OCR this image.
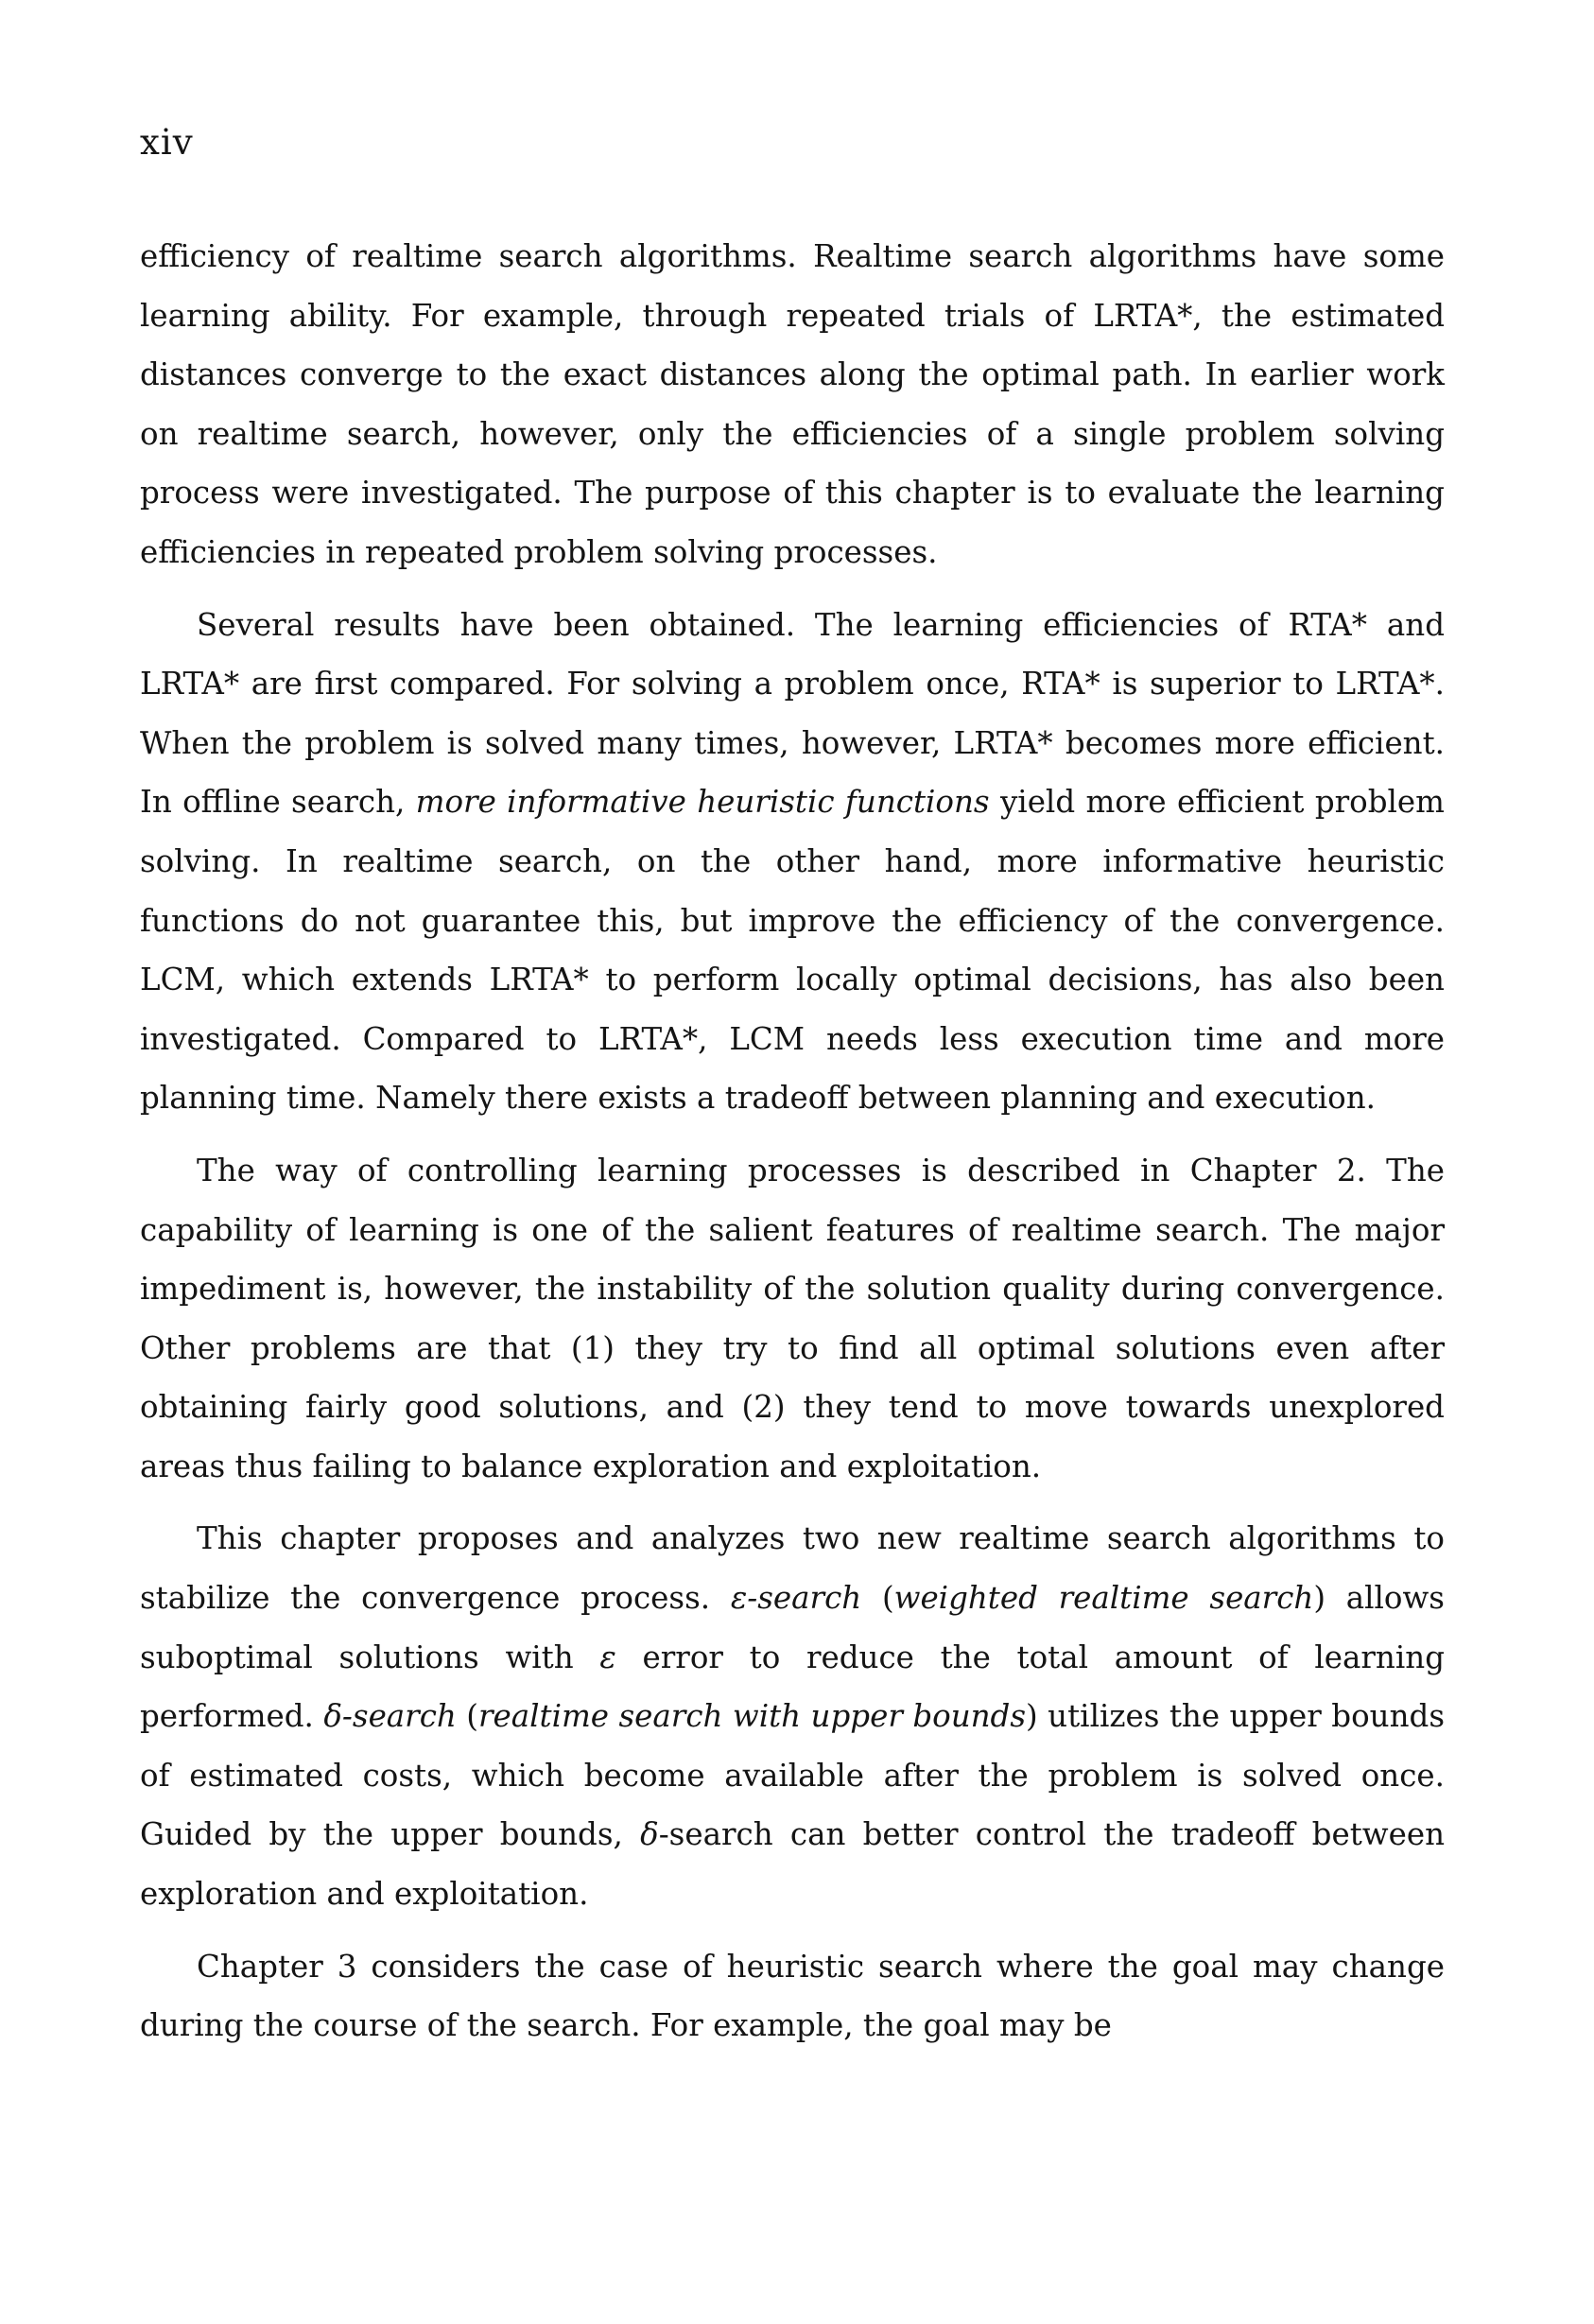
xiv

efficiency of realtime search algorithms. Realtime search algorithms have some learning ability. For example, through repeated trials of LRTA*, the estimated distances converge to the exact distances along the optimal path. In earlier work on realtime search, however, only the efficiencies of a single problem solving process were investigated. The purpose of this chapter is to evaluate the learning efficiencies in repeated problem solving processes.

Several results have been obtained. The learning efficiencies of RTA* and LRTA* are first compared. For solving a problem once, RTA* is superior to LRTA*. When the problem is solved many times, however, LRTA* becomes more efficient. In offline search, more informative heuristic functions yield more efficient problem solving. In realtime search, on the other hand, more informative heuristic functions do not guarantee this, but improve the efficiency of the convergence. LCM, which extends LRTA* to perform locally optimal decisions, has also been investigated. Compared to LRTA*, LCM needs less execution time and more planning time. Namely there exists a tradeoff between planning and execution.

The way of controlling learning processes is described in Chapter 2. The capability of learning is one of the salient features of realtime search. The major impediment is, however, the instability of the solution quality during convergence. Other problems are that (1) they try to find all optimal solutions even after obtaining fairly good solutions, and (2) they tend to move towards unexplored areas thus failing to balance exploration and exploitation.

This chapter proposes and analyzes two new realtime search algorithms to stabilize the convergence process. ε-search (weighted realtime search) allows suboptimal solutions with ε error to reduce the total amount of learning performed. δ-search (realtime search with upper bounds) utilizes the upper bounds of estimated costs, which become available after the problem is solved once. Guided by the upper bounds, δ-search can better control the tradeoff between exploration and exploitation.

Chapter 3 considers the case of heuristic search where the goal may change during the course of the search. For example, the goal may be
